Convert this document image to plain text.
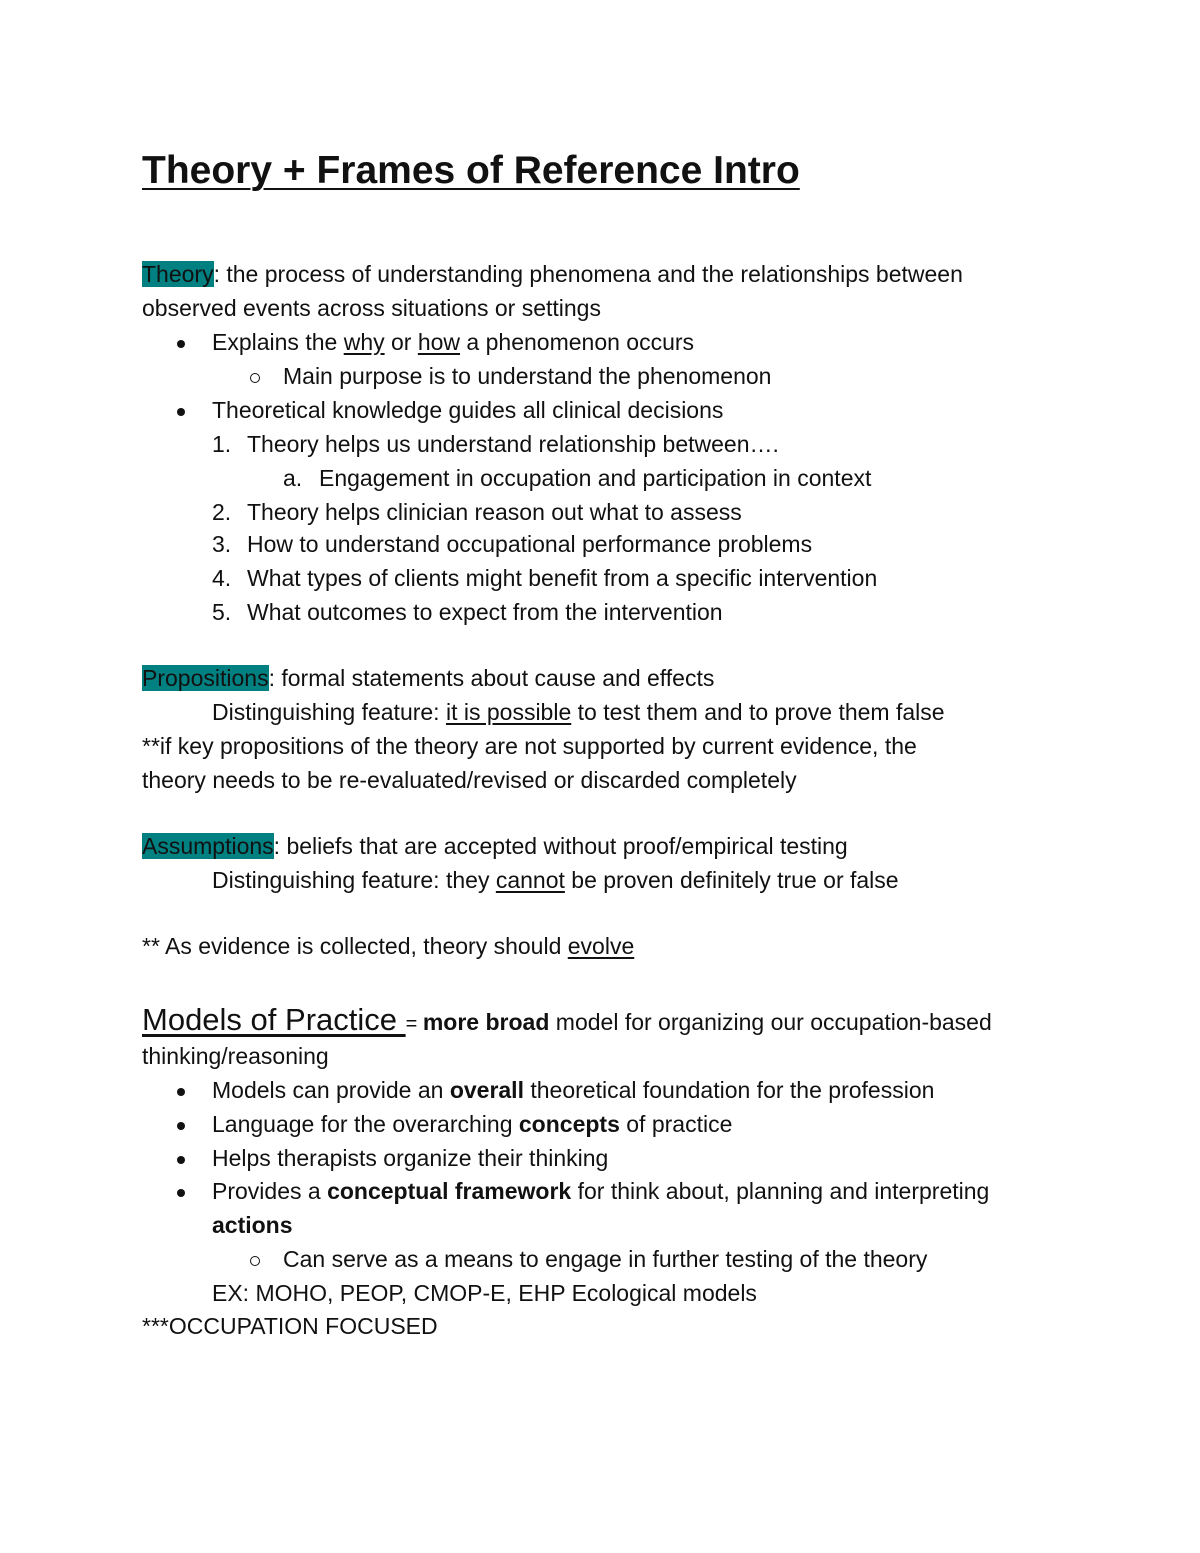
Theory + Frames of Reference Intro
Theory: the process of understanding phenomena and the relationships between
observed events across situations or settings
Explains the why or how a phenomenon occurs
Main purpose is to understand the phenomenon
Theoretical knowledge guides all clinical decisions
1. Theory helps us understand relationship between….
a. Engagement in occupation and participation in context
2. Theory helps clinician reason out what to assess
3. How to understand occupational performance problems
4. What types of clients might benefit from a specific intervention
5. What outcomes to expect from the intervention
Propositions: formal statements about cause and effects
Distinguishing feature: it is possible to test them and to prove them false
**if key propositions of the theory are not supported by current evidence, the
theory needs to be re-evaluated/revised or discarded completely
Assumptions: beliefs that are accepted without proof/empirical testing
Distinguishing feature: they cannot be proven definitely true or false
** As evidence is collected, theory should evolve
Models of Practice = more broad model for organizing our occupation-based
thinking/reasoning
Models can provide an overall theoretical foundation for the profession
Language for the overarching concepts of practice
Helps therapists organize their thinking
Provides a conceptual framework for think about, planning and interpreting
actions
Can serve as a means to engage in further testing of the theory
EX: MOHO, PEOP, CMOP-E, EHP Ecological models
***OCCUPATION FOCUSED
